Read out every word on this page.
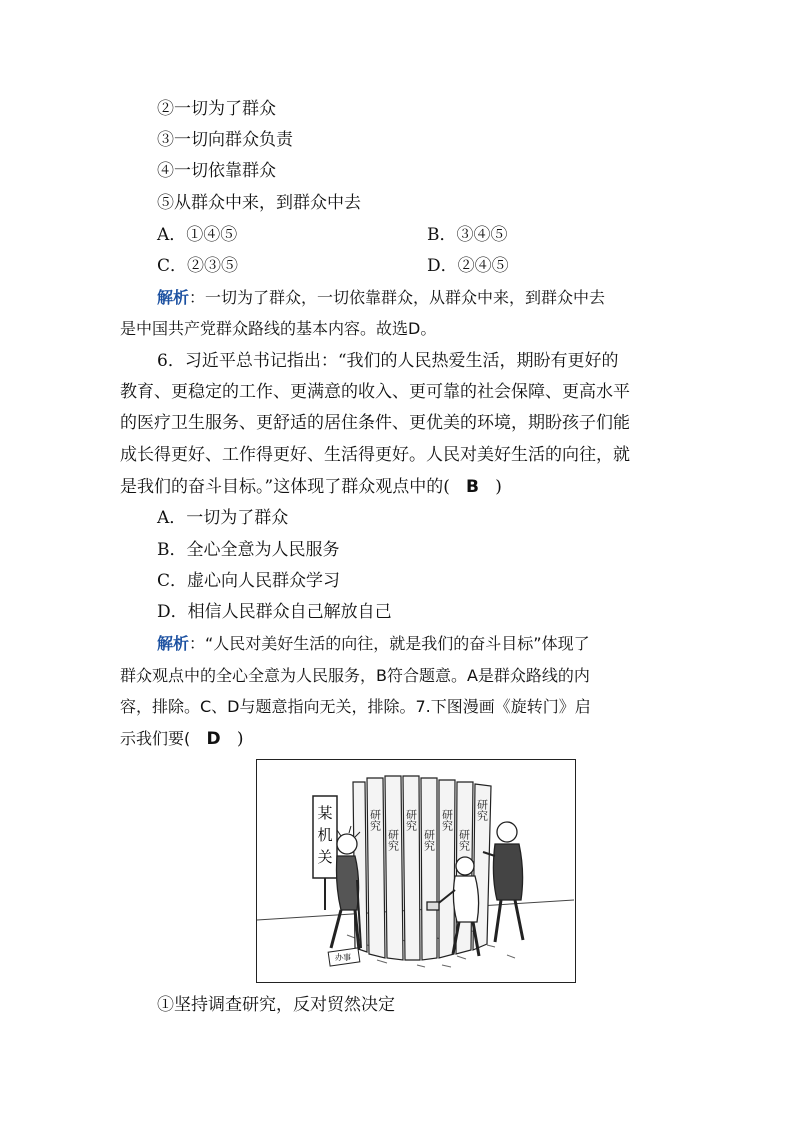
②一切为了群众
③一切向群众负责
④一切依靠群众
⑤从群众中来，到群众中去
A．①④⑤	B．③④⑤
C．②③⑤	D．②④⑤
解析：一切为了群众，一切依靠群众，从群众中来，到群众中去
是中国共产党群众路线的基本内容。故选D。
6．习近平总书记指出：“我们的人民热爱生活，期盼有更好的
教育、更稳定的工作、更满意的收入、更可靠的社会保障、更高水平
的医疗卫生服务、更舒适的居住条件、更优美的环境，期盼孩子们能
成长得更好、工作得更好、生活得更好。人民对美好生活的向往，就
是我们的奋斗目标。”这体现了群众观点中的( B )
A．一切为了群众
B．全心全意为人民服务
C．虚心向人民群众学习
D．相信人民群众自己解放自己
解析：“人民对美好生活的向往，就是我们的奋斗目标”体现了
群众观点中的全心全意为人民服务，B符合题意。A是群众路线的内
容，排除。C、D与题意指向无关，排除。7.下图漫画《旋转门》启
示我们要( D )
某
机
关
研究
研究
研究
研究
研究
研究
研究
办事
①坚持调查研究，反对贸然决定
